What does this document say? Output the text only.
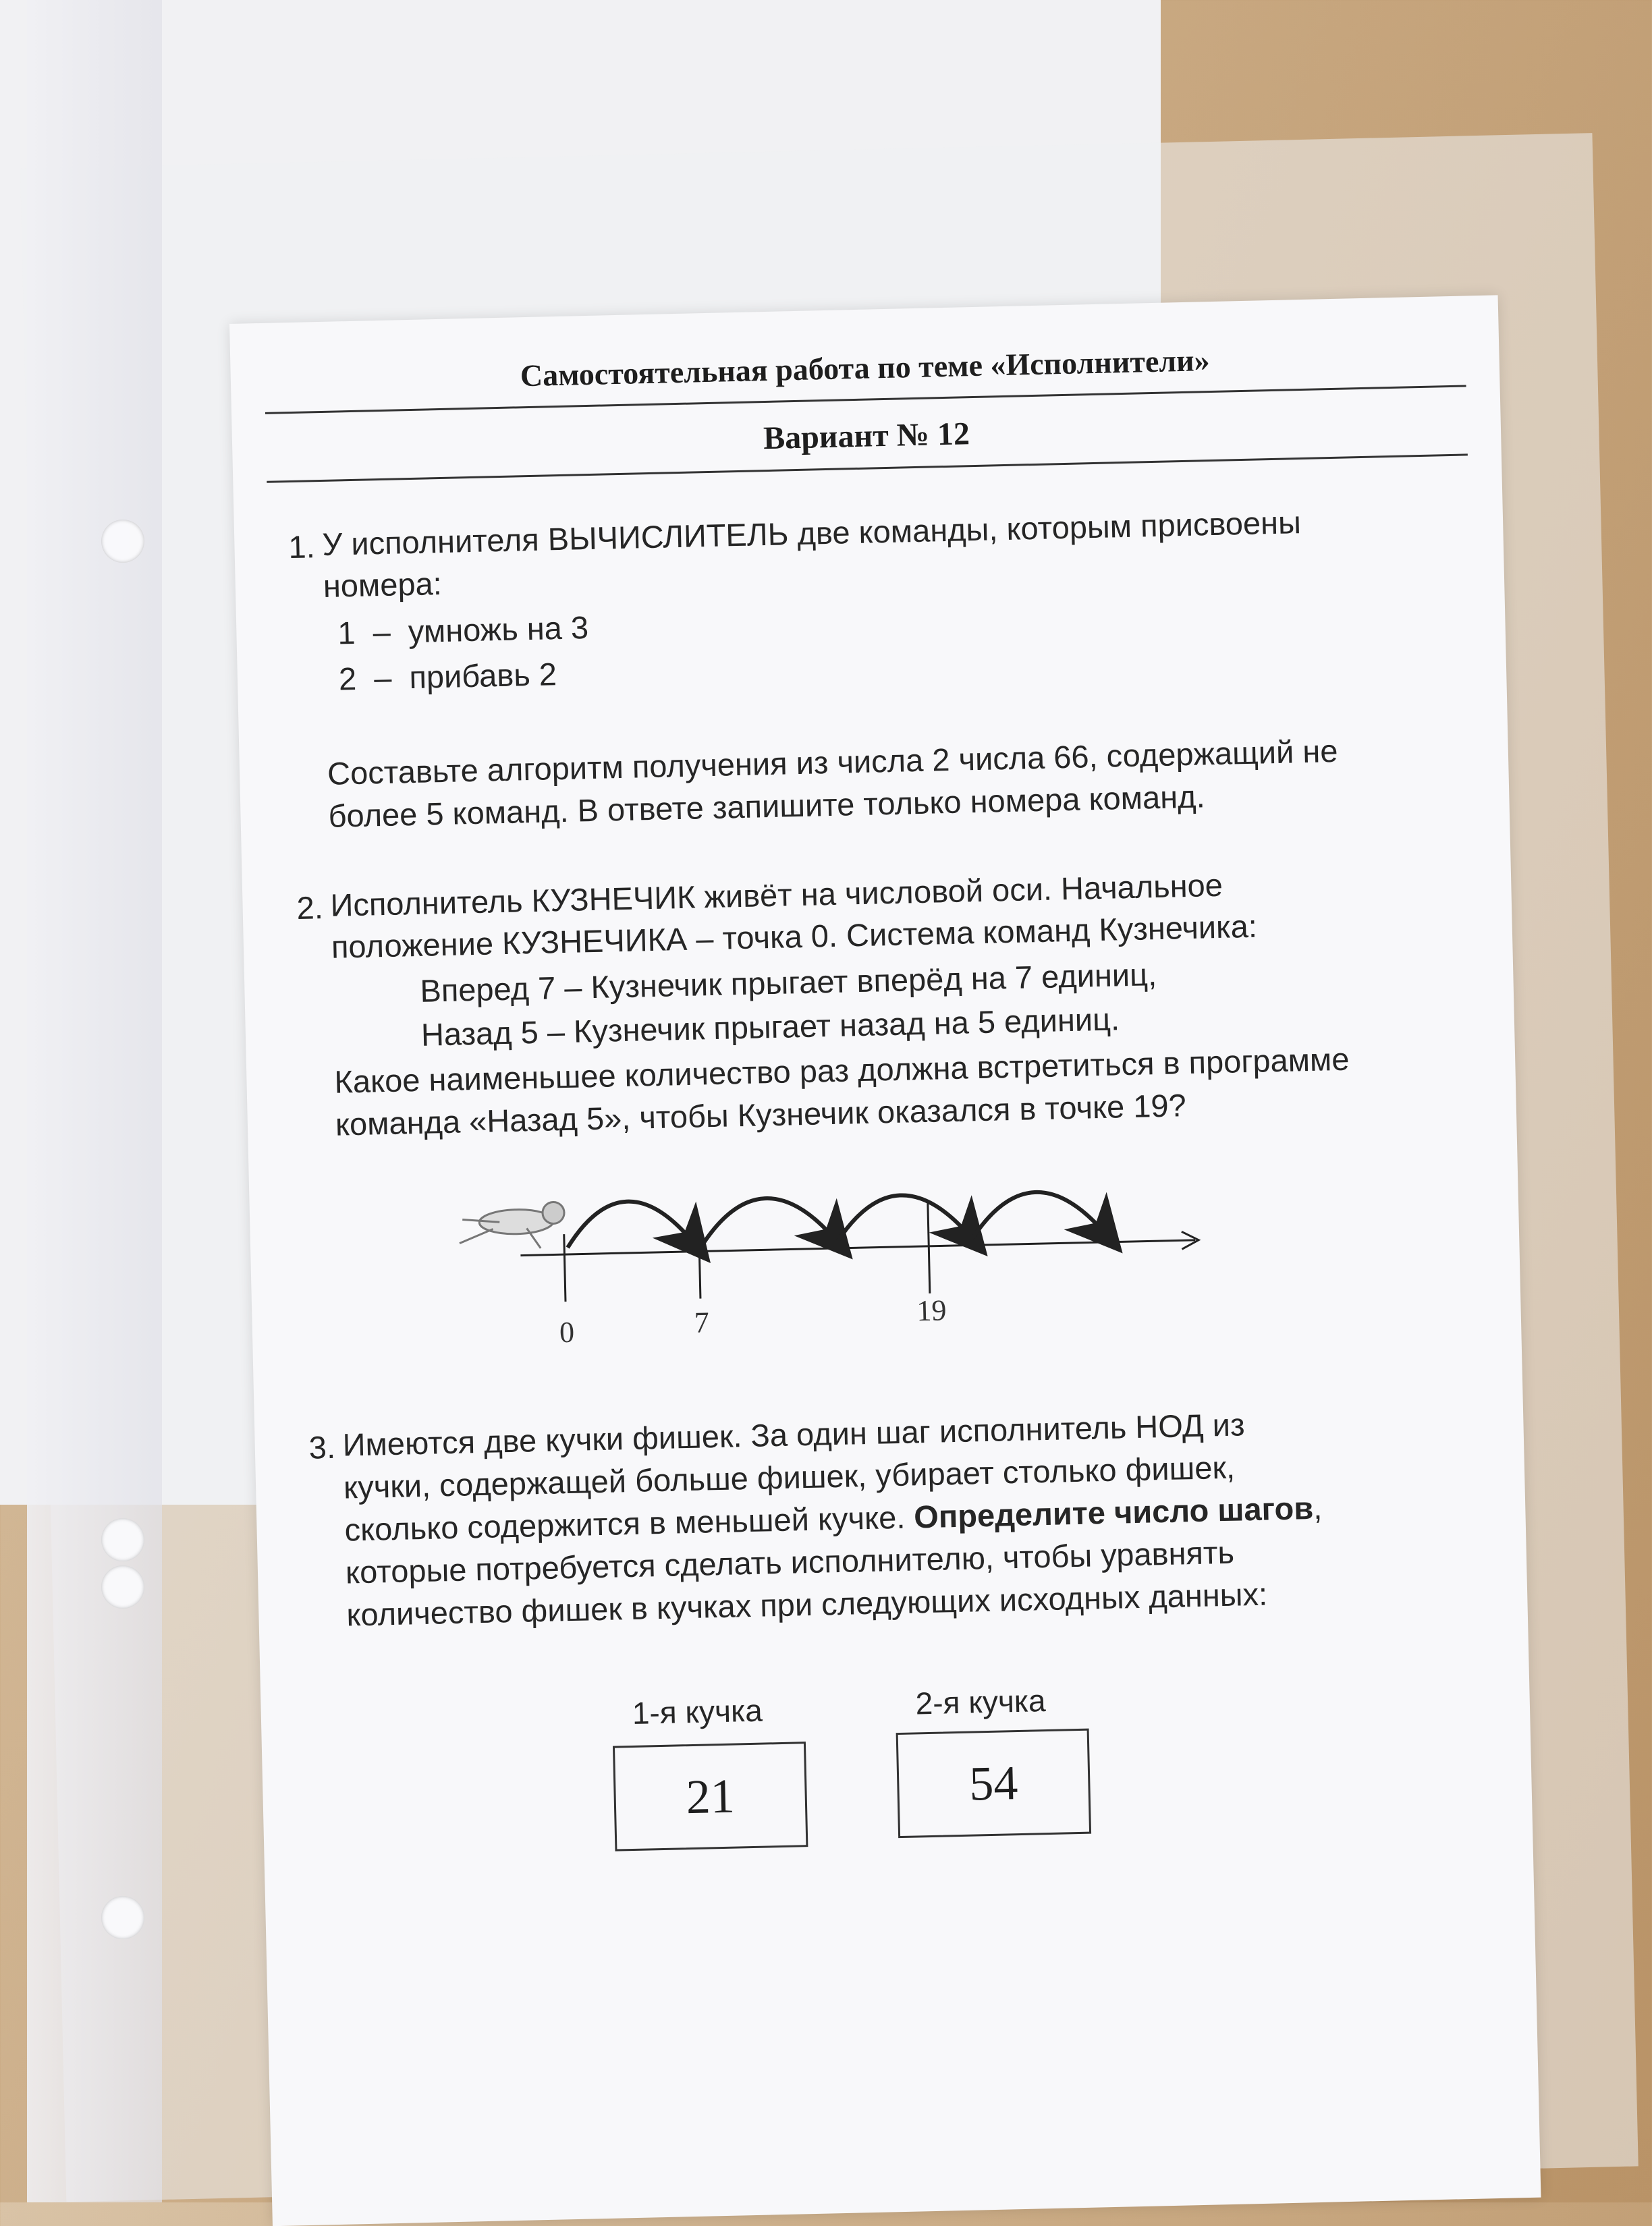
Самостоятельная работа по теме «Исполнители»
Вариант № 12
1. У исполнителя ВЫЧИСЛИТЕЛЬ две команды, которым присвоены
номера:
1 – умножь на 3
2 – прибавь 2
Составьте алгоритм получения из числа 2 числа 66, содержащий не
более 5 команд. В ответе запишите только номера команд.
2. Исполнитель КУЗНЕЧИК живёт на числовой оси. Начальное
положение КУЗНЕЧИКА – точка 0. Система команд Кузнечика:
Вперед 7 – Кузнечик прыгает вперёд на 7 единиц,
Назад 5 – Кузнечик прыгает назад на 5 единиц.
Какое наименьшее количество раз должна встретиться в программе
команда «Назад 5», чтобы Кузнечик оказался в точке 19?
0	7	19
3. Имеются две кучки фишек. За один шаг исполнитель НОД из
кучки, содержащей больше фишек, убирает столько фишек,
сколько содержится в меньшей кучке. Определите число шагов,
которые потребуется сделать исполнителю, чтобы уравнять
количество фишек в кучках при следующих исходных данных:
1-я кучка
21
2-я кучка
54
